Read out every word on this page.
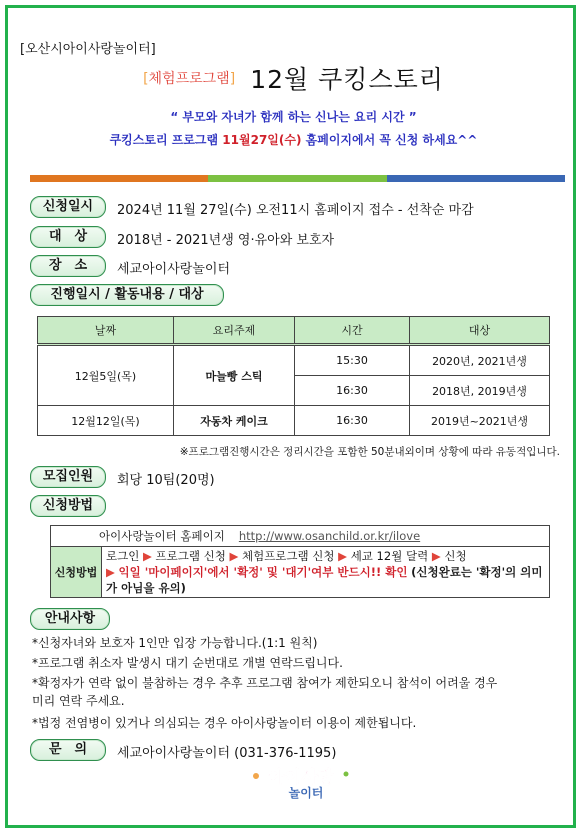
[오산시아이사랑놀이터]
[체험프로그램] 12월 쿠킹스토리
“ 부모와 자녀가 함께 하는 신나는 요리 시간 ”
쿠킹스토리 프로그램 11월27일(수) 홈페이지에서 꼭 신청 하세요^^
신청일시	2024년 11월 27일(수) 오전11시 홈페이지 접수 - 선착순 마감
대　상	2018년 - 2021년생 영·유아와 보호자
장　소	세교아이사랑놀이터
진행일시 / 활동내용 / 대상
날짜	요리주제	시간	대상
12월5일(목)	마늘빵 스틱	15:30	2020년, 2021년생
		16:30	2018년, 2019년생
12월12일(목)	자동차 케이크	16:30	2019년~2021년생
※프로그램진행시간은 정리시간을 포함한 50분내외이며 상황에 따라 유동적입니다.
모집인원	회당 10팀(20명)
신청방법
아이사랑놀이터 홈페이지 http://www.osanchild.or.kr/ilove
신청방법
로그인 ▶ 프로그램 신청 ▶ 체험프로그램 신청 ▶ 세교 12월 달력 ▶ 신청
▶ 익일 '마이페이지'에서 '확정' 및 '대기'여부 반드시!! 확인 (신청완료는 '확정'의 의미가 아님을 유의)
안내사항
*신청자녀와 보호자 1인만 입장 가능합니다.(1:1 원칙)
*프로그램 취소자 발생시 대기 순번대로 개별 연락드립니다.
*확정자가 연락 없이 불참하는 경우 추후 프로그램 참여가 제한되오니 참석이 어려울 경우
미리 연락 주세요.
*법정 전염병이 있거나 의심되는 경우 아이사랑놀이터 이용이 제한됩니다.
문　의	세교아이사랑놀이터 (031-376-1195)
아이사랑
놀이터
